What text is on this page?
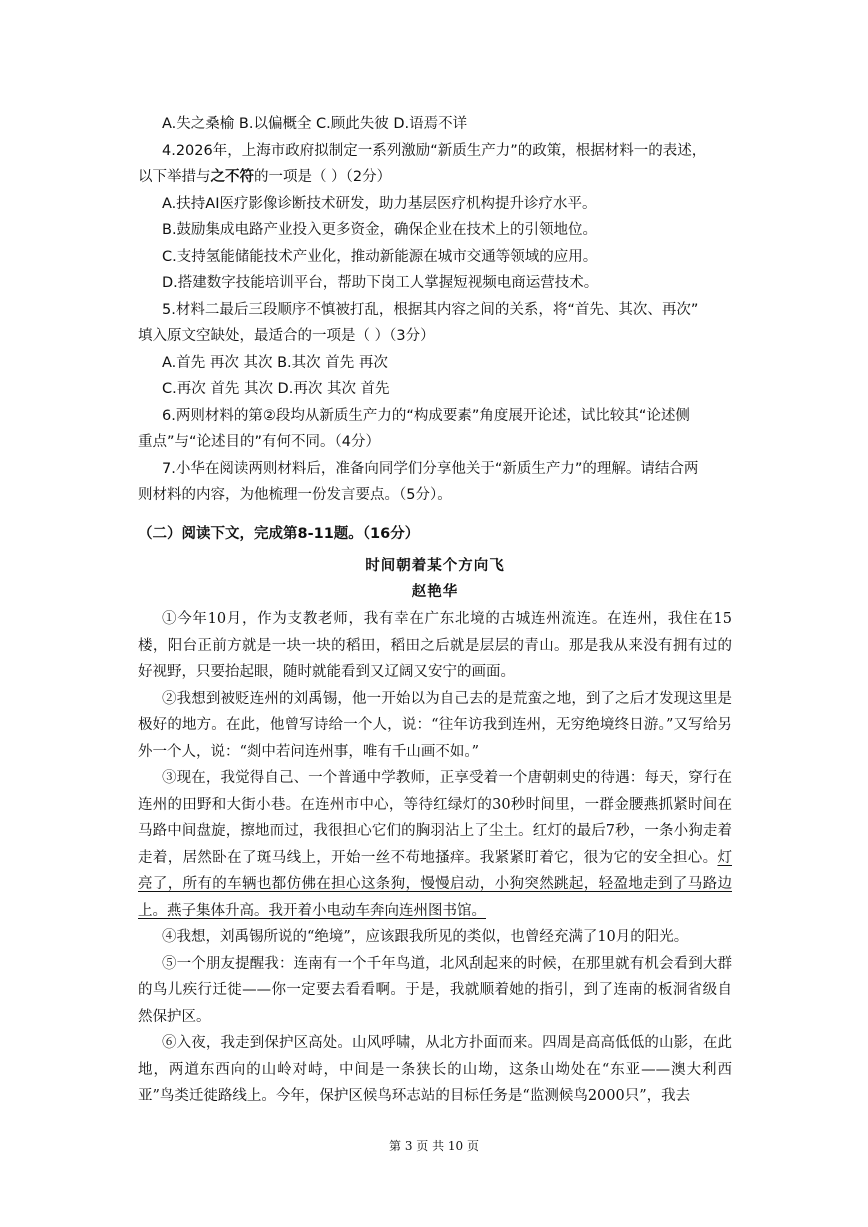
A.失之桑榆 B.以偏概全 C.顾此失彼 D.语焉不详

4.2026年，上海市政府拟制定一系列激励“新质生产力”的政策，根据材料一的表述，

以下举措与之不符的一项是（ ）（2分）

A.扶持AI医疗影像诊断技术研发，助力基层医疗机构提升诊疗水平。

B.鼓励集成电路产业投入更多资金，确保企业在技术上的引领地位。

C.支持氢能储能技术产业化，推动新能源在城市交通等领域的应用。

D.搭建数字技能培训平台，帮助下岗工人掌握短视频电商运营技术。

5.材料二最后三段顺序不慎被打乱，根据其内容之间的关系，将“首先、其次、再次”

填入原文空缺处，最适合的一项是（ ）（3分）

A.首先 再次 其次 B.其次 首先 再次

C.再次 首先 其次 D.再次 其次 首先

6.两则材料的第②段均从新质生产力的“构成要素”角度展开论述，试比较其“论述侧

重点”与“论述目的”有何不同。（4分）

7.小华在阅读两则材料后，准备向同学们分享他关于“新质生产力”的理解。请结合两

则材料的内容，为他梳理一份发言要点。（5分）。

（二）阅读下文，完成第8-11题。（16分）
时间朝着某个方向飞
赵艳华

①今年10月，作为支教老师，我有幸在广东北境的古城连州流连。在连州，我住在15楼，阳台正前方就是一块一块的稻田，稻田之后就是层层的青山。那是我从来没有拥有过的好视野，只要抬起眼，随时就能看到又辽阔又安宁的画面。

②我想到被贬连州的刘禹锡，他一开始以为自己去的是荒蛮之地，到了之后才发现这里是极好的地方。在此，他曾写诗给一个人，说：“往年访我到连州，无穷绝境终日游。”又写给另外一个人，说：“剡中若问连州事，唯有千山画不如。”

③现在，我觉得自己、一个普通中学教师，正享受着一个唐朝刺史的待遇：每天，穿行在连州的田野和大街小巷。在连州市中心，等待红绿灯的30秒时间里，一群金腰燕抓紧时间在马路中间盘旋，擦地而过，我很担心它们的胸羽沾上了尘土。红灯的最后7秒，一条小狗走着走着，居然卧在了斑马线上，开始一丝不苟地搔痒。我紧紧盯着它，很为它的安全担心。灯亮了，所有的车辆也都仿佛在担心这条狗，慢慢启动，小狗突然跳起，轻盈地走到了马路边上。燕子集体升高。我开着小电动车奔向连州图书馆。

④我想，刘禹锡所说的“绝境”，应该跟我所见的类似，也曾经充满了10月的阳光。

⑤一个朋友提醒我：连南有一个千年鸟道，北风刮起来的时候，在那里就有机会看到大群的鸟儿疾行迁徙——你一定要去看看啊。于是，我就顺着她的指引，到了连南的板洞省级自然保护区。

⑥入夜，我走到保护区高处。山风呼啸，从北方扑面而来。四周是高高低低的山影，在此地，两道东西向的山岭对峙，中间是一条狭长的山坳，这条山坳处在“东亚——澳大利西亚”鸟类迁徙路线上。今年，保护区候鸟环志站的目标任务是“监测候鸟2000只”，我去

第 3 页 共 10 页
